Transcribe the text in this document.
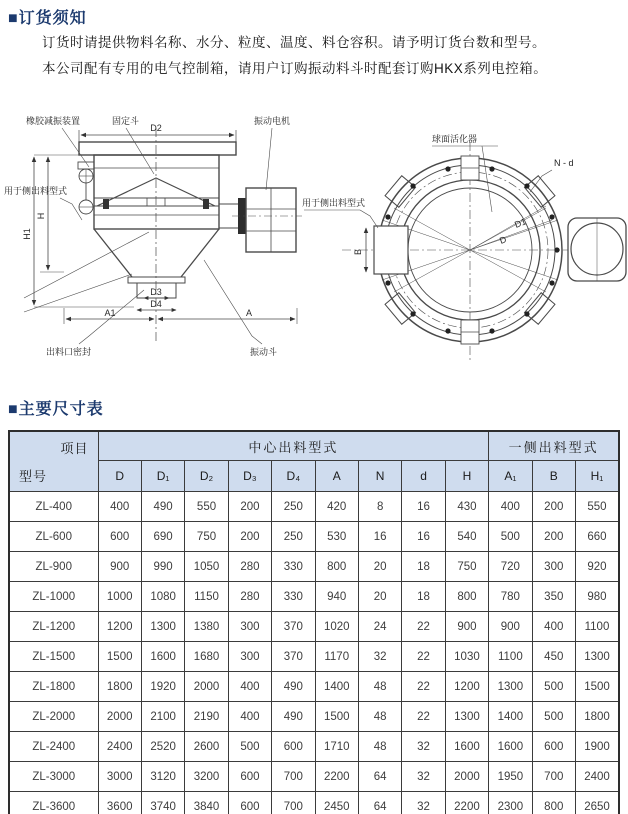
■订货须知
订货时请提供物料名称、水分、粒度、温度、料仓容积。请予明订货台数和型号。
本公司配有专用的电气控制箱，请用户订购振动料斗时配套订购HKX系列电控箱。
橡胶减振装置	固定斗	振动电机
用于侧出料型式
出料口密封	振动斗
D2
H1
H
D3
D4
A1	A
球面活化器
N - d
用于侧出料型式
B
D1
D
■主要尺寸表
项目
型号	中心出料型式									一侧出料型式		
	D	D₁	D₂	D₃	D₄	A	N	d	H	A₁	B	H₁
ZL-400	400	490	550	200	250	420	8	16	430	400	200	550
ZL-600	600	690	750	200	250	530	16	16	540	500	200	660
ZL-900	900	990	1050	280	330	800	20	18	750	720	300	920
ZL-1000	1000	1080	1150	280	330	940	20	18	800	780	350	980
ZL-1200	1200	1300	1380	300	370	1020	24	22	900	900	400	1100
ZL-1500	1500	1600	1680	300	370	1170	32	22	1030	1100	450	1300
ZL-1800	1800	1920	2000	400	490	1400	48	22	1200	1300	500	1500
ZL-2000	2000	2100	2190	400	490	1500	48	22	1300	1400	500	1800
ZL-2400	2400	2520	2600	500	600	1710	48	32	1600	1600	600	1900
ZL-3000	3000	3120	3200	600	700	2200	64	32	2000	1950	700	2400
ZL-3600	3600	3740	3840	600	700	2450	64	32	2200	2300	800	2650
